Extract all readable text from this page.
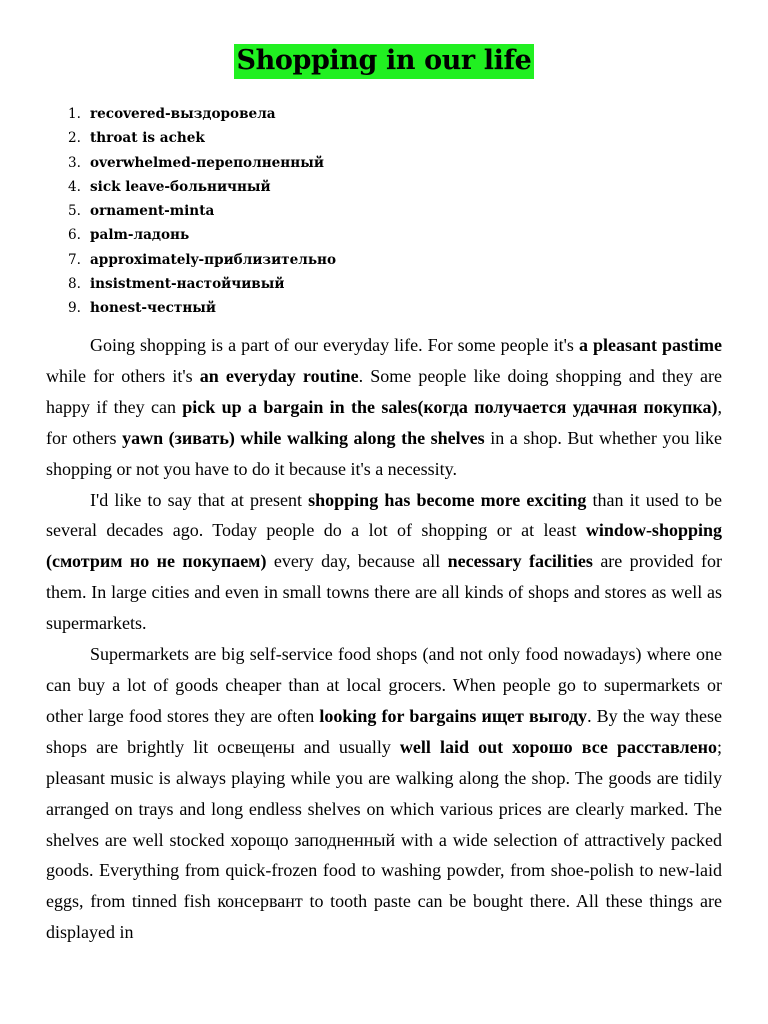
Shopping in our life
1. recovered-выздоровела
2. throat is achek
3. overwhelmed-переполненный
4. sick leave-больничный
5. ornament-minta
6. palm-ладонь
7. approximately-приблизительно
8. insistment-настойчивый
9. honest-честный

Going shopping is a part of our everyday life. For some people it's a pleasant pastime while for others it's an everyday routine. Some people like doing shopping and they are happy if they can pick up a bargain in the sales(когда получается удачная покупка), for others yawn (зивать) while walking along the shelves in a shop. But whether you like shopping or not you have to do it because it's a necessity.

I'd like to say that at present shopping has become more exciting than it used to be several decades ago. Today people do a lot of shopping or at least window-shopping (смотрим но не покупаем) every day, because all necessary facilities are provided for them. In large cities and even in small towns there are all kinds of shops and stores as well as supermarkets.

Supermarkets are big self-service food shops (and not only food nowadays) where one can buy a lot of goods cheaper than at local grocers. When people go to supermarkets or other large food stores they are often looking for bargains ищет выгоду. By the way these shops are brightly lit освещены and usually well laid out хорошо все расставлено; pleasant music is always playing while you are walking along the shop. The goods are tidily arranged on trays and long endless shelves on which various prices are clearly marked. The shelves are well stocked хорощо заподненный with a wide selection of attractively packed goods. Everything from quick-frozen food to washing powder, from shoe-polish to new-laid eggs, from tinned fish консервант to tooth paste can be bought there. All these things are displayed in
